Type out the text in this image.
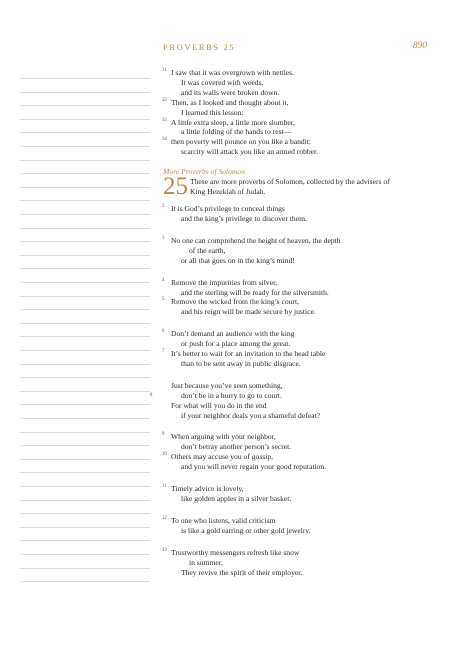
PROVERBS 25	890
31 I saw that it was overgrown with nettles.
It was covered with weeds,
and its walls were broken down.
32 Then, as I looked and thought about it,
I learned this lesson:
33 A little extra sleep, a little more slumber,
a little folding of the hands to rest—
34 then poverty will pounce on you like a bandit;
scarcity will attack you like an armed robber.
More Proverbs of Solomon
25 These are more proverbs of Solomon, collected by the advisers of
King Hezekiah of Judah.
2 It is God’s privilege to conceal things
and the king’s privilege to discover them.
3 No one can comprehend the height of heaven, the depth
of the earth,
or all that goes on in the king’s mind!
4 Remove the impurities from silver,
and the sterling will be ready for the silversmith.
5 Remove the wicked from the king’s court,
and his reign will be made secure by justice.
6 Don’t demand an audience with the king
or push for a place among the great.
7 It’s better to wait for an invitation to the head table
than to be sent away in public disgrace.
Just because you’ve seen something,
8	don’t be in a hurry to go to court.
For what will you do in the end
if your neighbor deals you a shameful defeat?
9 When arguing with your neighbor,
don’t betray another person’s secret.
10 Others may accuse you of gossip,
and you will never regain your good reputation.
11 Timely advice is lovely,
like golden apples in a silver basket.
12 To one who listens, valid criticism
is like a gold earring or other gold jewelry.
13 Trustworthy messengers refresh like snow
in summer.
They revive the spirit of their employer.
